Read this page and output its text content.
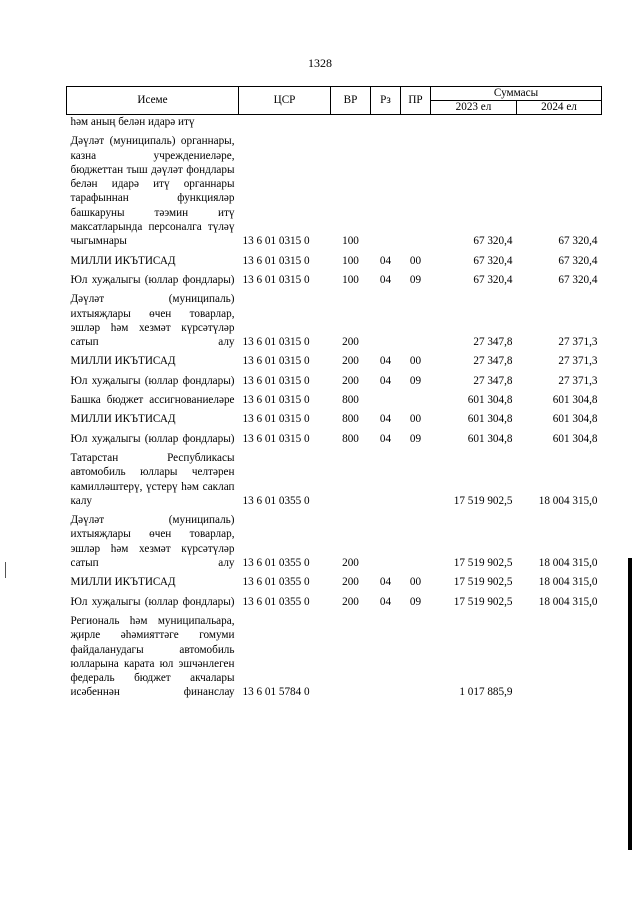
1328
Исеме	ЦСР	ВР	Рз	ПР	Суммасы	
					2023 ел	2024 ел
һәм аның белән идарә итү						
Дәүләт (муниципаль) органнары, казна учреждениеләре, бюджеттан тыш дәүләт фондлары белән идарә итү органнары тарафыннан функцияләр башкаруны тәэмин итү максатларында персоналга түләү чыгымнары	13 6 01 0315 0	100			67 320,4	67 320,4
МИЛЛИ ИКЪТИСАД	13 6 01 0315 0	100	04	00	67 320,4	67 320,4
Юл хуҗалыгы (юллар фондлары)	13 6 01 0315 0	100	04	09	67 320,4	67 320,4
Дәүләт (муниципаль) ихтыяҗлары өчен товарлар, эшләр һәм хезмәт күрсәтүләр сатып алу	13 6 01 0315 0	200			27 347,8	27 371,3
МИЛЛИ ИКЪТИСАД	13 6 01 0315 0	200	04	00	27 347,8	27 371,3
Юл хуҗалыгы (юллар фондлары)	13 6 01 0315 0	200	04	09	27 347,8	27 371,3
Башка бюджет ассигнованиеләре	13 6 01 0315 0	800			601 304,8	601 304,8
МИЛЛИ ИКЪТИСАД	13 6 01 0315 0	800	04	00	601 304,8	601 304,8
Юл хуҗалыгы (юллар фондлары)	13 6 01 0315 0	800	04	09	601 304,8	601 304,8
Татарстан Республикасы автомобиль юллары челтәрен камилләштерү, үстерү һәм саклап калу	13 6 01 0355 0				17 519 902,5	18 004 315,0
Дәүләт (муниципаль) ихтыяҗлары өчен товарлар, эшләр һәм хезмәт күрсәтүләр сатып алу	13 6 01 0355 0	200			17 519 902,5	18 004 315,0
МИЛЛИ ИКЪТИСАД	13 6 01 0355 0	200	04	00	17 519 902,5	18 004 315,0
Юл хуҗалыгы (юллар фондлары)	13 6 01 0355 0	200	04	09	17 519 902,5	18 004 315,0
Региональ һәм муниципальара, җирле әһәмияттәге гомуми файдаланудагы автомобиль юлларына карата юл эшчәнлеген федераль бюджет акчалары исәбеннән финанслау	13 6 01 5784 0				1 017 885,9	
